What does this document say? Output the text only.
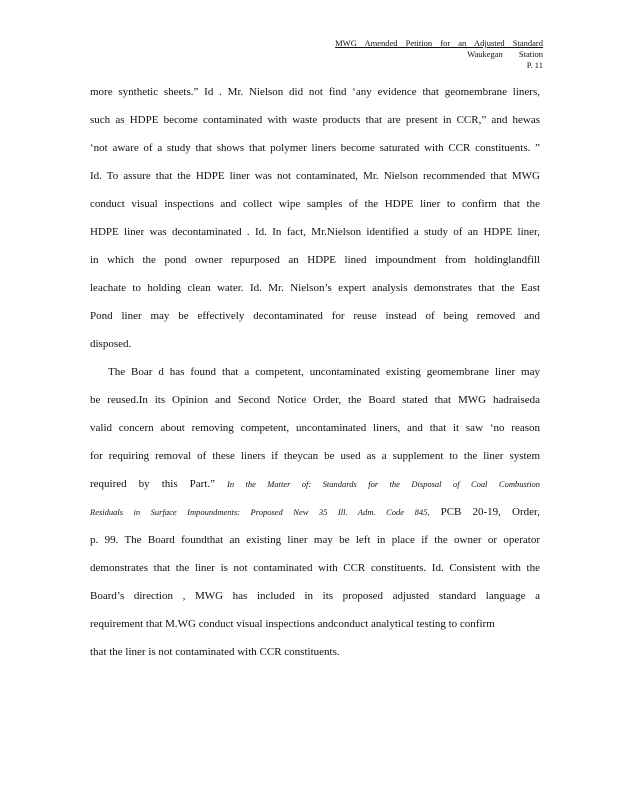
MWG Amended Petition for an Adjusted Standard
Waukegan Station
P. 11
more synthetic sheets.” Id . Mr. Nielson did not find ‘any evidence that geomembrane liners,
such as HDPE become contaminated with waste products that are present in CCR,” and hewas
‘not aware of a study that shows that polymer liners become saturated with CCR constituents. ”
Id. To assure that the HDPE liner was not contaminated, Mr. Nielson recommended that MWG
conduct visual inspections and collect wipe samples of the HDPE liner to confirm that the
HDPE liner was decontaminated . Id. In fact, Mr.Nielson identified a study of an HDPE liner,
in which the pond owner repurposed an HDPE lined impoundment from holdinglandfill
leachate to holding clean water. Id. Mr. Nielson’s expert analysis demonstrates that the East
Pond liner may be effectively decontaminated for reuse instead of being removed and
disposed.
The Boar d has found that a competent, uncontaminated existing geomembrane liner may
be reused.In its Opinion and Second Notice Order, the Board stated that MWG hadraiseda
valid concern about removing competent, uncontaminated liners, and that it saw ‘no reason
for requiring removal of these liners if theycan be used as a supplement to the liner system
required by this Part.” In the Matter of: Standards for the Disposal of Coal Combustion
Residuals in Surface Impoundments: Proposed New 35 Ill. Adm. Code 845, PCB 20-19, Order,
p. 99. The Board foundthat an existing liner may be left in place if the owner or operator
demonstrates that the liner is not contaminated with CCR constituents. Id. Consistent with the
Board’s direction , MWG has included in its proposed adjusted standard language a
requirement that M.WG conduct visual inspections andconduct analytical testing to confirm
that the liner is not contaminated with CCR constituents.
